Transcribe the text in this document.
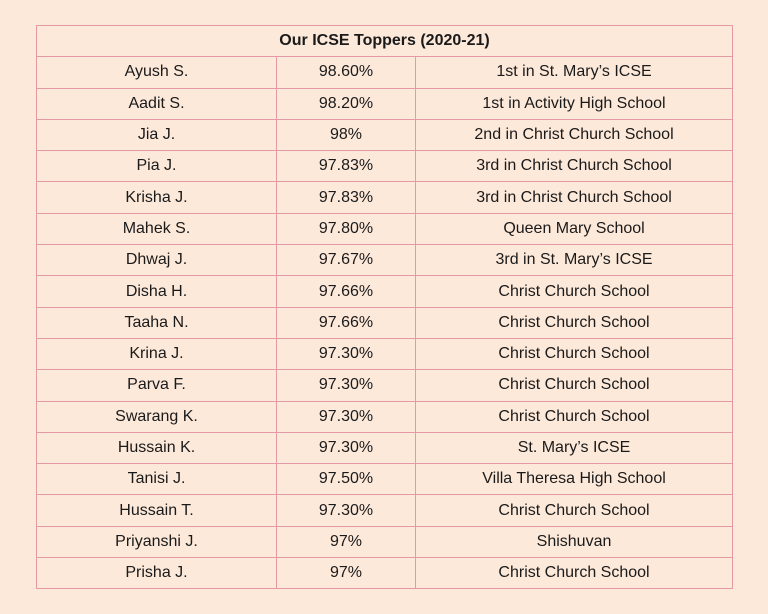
Our ICSE Toppers (2020-21)		
Ayush S.	98.60%	1st in St. Mary’s ICSE
Aadit S.	98.20%	1st in Activity High School
Jia J.	98%	2nd in Christ Church School
Pia J.	97.83%	3rd in Christ Church School
Krisha J.	97.83%	3rd in Christ Church School
Mahek S.	97.80%	Queen Mary School
Dhwaj J.	97.67%	3rd in St. Mary’s ICSE
Disha H.	97.66%	Christ Church School
Taaha N.	97.66%	Christ Church School
Krina J.	97.30%	Christ Church School
Parva F.	97.30%	Christ Church School
Swarang K.	97.30%	Christ Church School
Hussain K.	97.30%	St. Mary’s ICSE
Tanisi J.	97.50%	Villa Theresa High School
Hussain T.	97.30%	Christ Church School
Priyanshi J.	97%	Shishuvan
Prisha J.	97%	Christ Church School
